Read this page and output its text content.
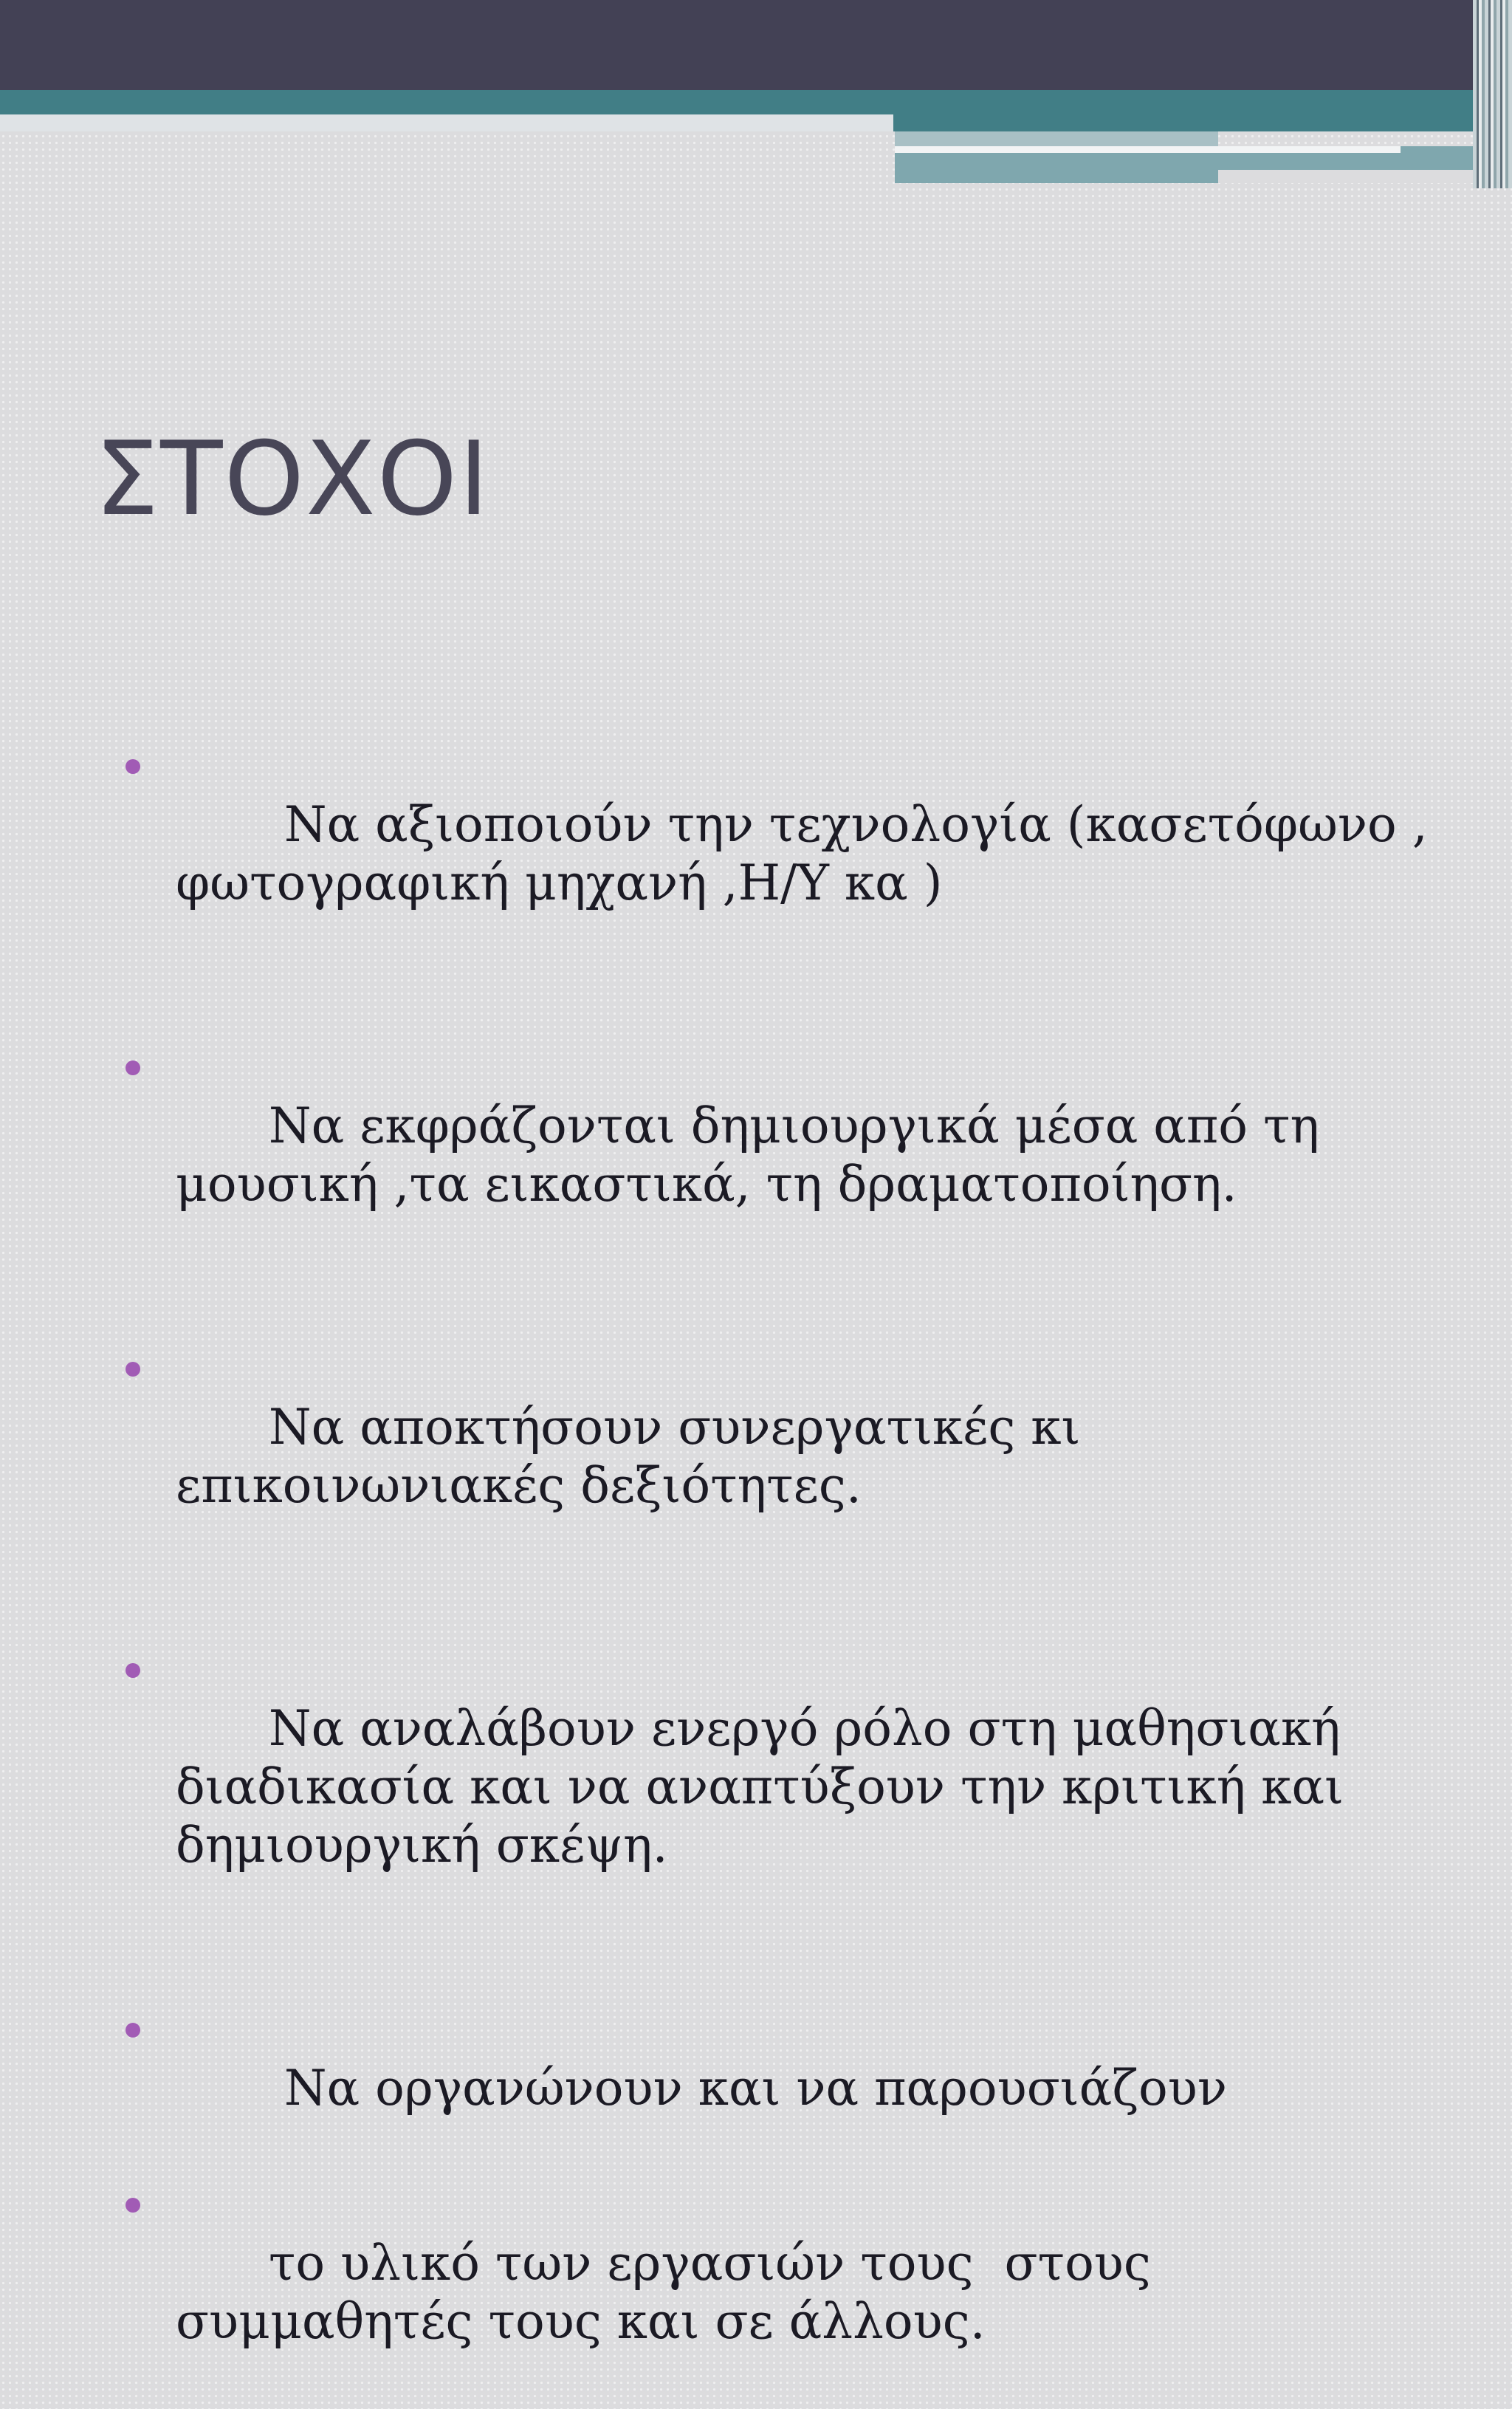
ΣΤΟΧΟΙ

Να αξιοποιούν την τεχνολογία (κασετόφωνο , φωτογραφική μηχανή ,Η/Υ κα )

Να εκφράζονται δημιουργικά μέσα από τη μουσική ,τα εικαστικά, τη δραματοποίηση.

Να αποκτήσουν συνεργατικές κι επικοινωνιακές δεξιότητες.

Να αναλάβουν ενεργό ρόλο στη μαθησιακή διαδικασία και να αναπτύξουν την κριτική και δημιουργική σκέψη.

Να οργανώνουν και να παρουσιάζουν

το υλικό των εργασιών τους  στους συμμαθητές τους και σε άλλους.
